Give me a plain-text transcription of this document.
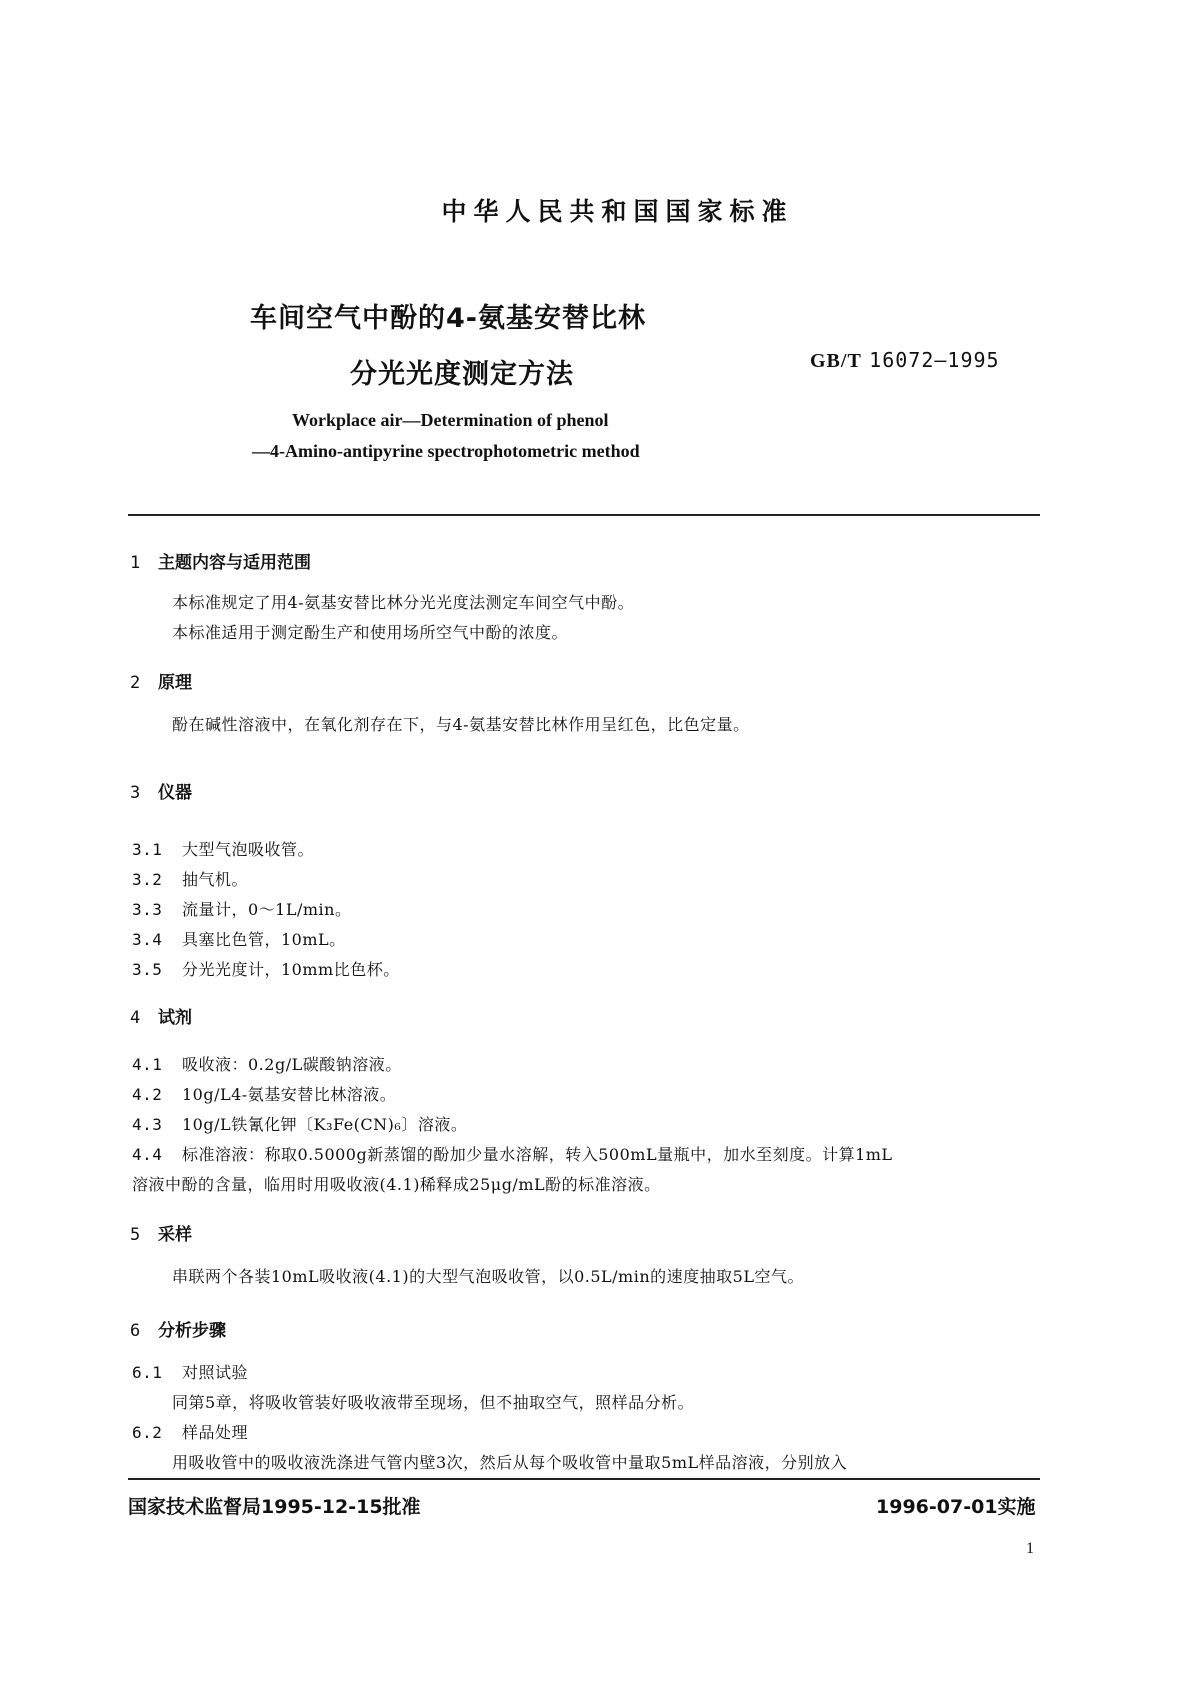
中华人民共和国国家标准
车间空气中酚的4-氨基安替比林
分光光度测定方法	GB/T 16072—1995
Workplace air—Determination of phenol
—4-Amino-antipyrine spectrophotometric method
1 主题内容与适用范围
本标准规定了用4-氨基安替比林分光光度法测定车间空气中酚。
本标准适用于测定酚生产和使用场所空气中酚的浓度。
2 原理
酚在碱性溶液中，在氧化剂存在下，与4-氨基安替比林作用呈红色，比色定量。
3 仪器
3.1 大型气泡吸收管。
3.2 抽气机。
3.3 流量计，0～1L/min。
3.4 具塞比色管，10mL。
3.5 分光光度计，10mm比色杯。
4 试剂
4.1 吸收液：0.2g/L碳酸钠溶液。
4.2 10g/L4-氨基安替比林溶液。
4.3 10g/L铁氰化钾〔K₃Fe(CN)₆〕溶液。
4.4 标准溶液：称取0.5000g新蒸馏的酚加少量水溶解，转入500mL量瓶中，加水至刻度。计算1mL
溶液中酚的含量，临用时用吸收液(4.1)稀释成25μg/mL酚的标准溶液。
5 采样
串联两个各装10mL吸收液(4.1)的大型气泡吸收管，以0.5L/min的速度抽取5L空气。
6 分析步骤
6.1 对照试验
同第5章，将吸收管装好吸收液带至现场，但不抽取空气，照样品分析。
6.2 样品处理
用吸收管中的吸收液洗涤进气管内壁3次，然后从每个吸收管中量取5mL样品溶液，分别放入
国家技术监督局1995-12-15批准	1996-07-01实施
1
